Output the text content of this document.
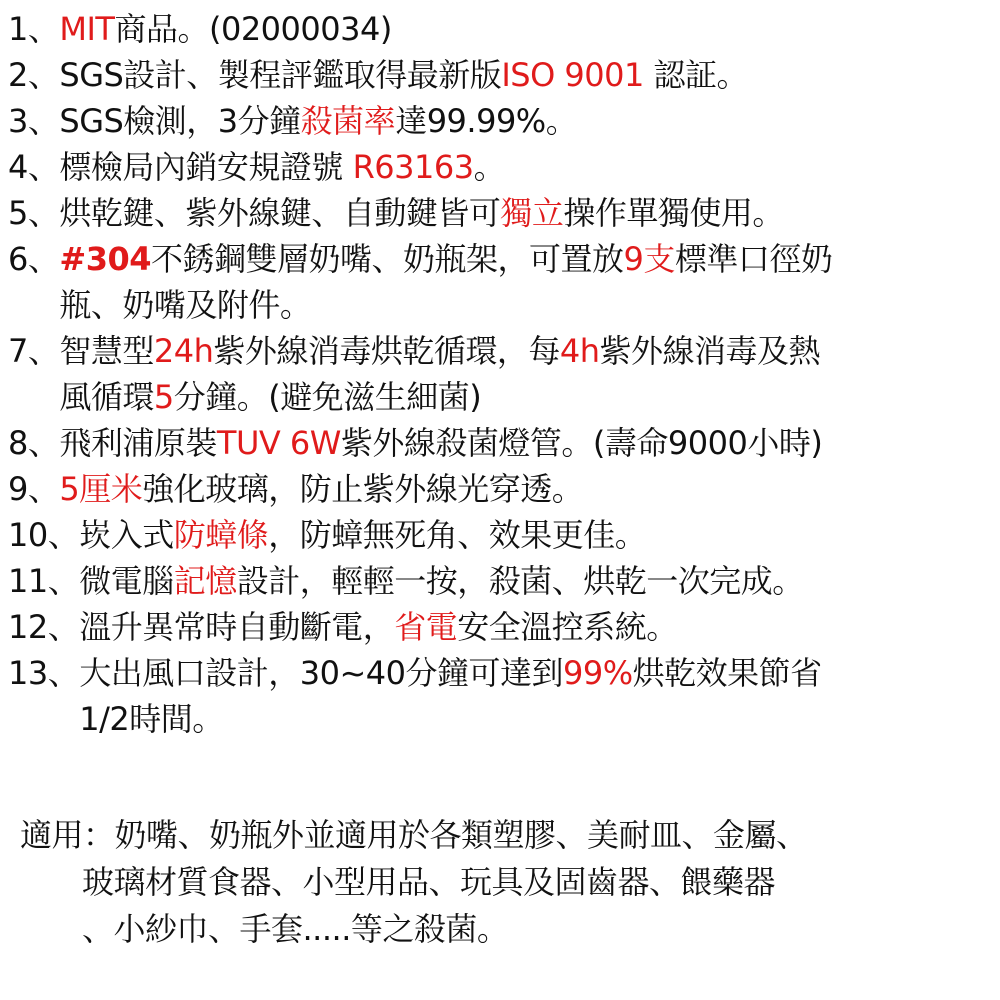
1、 MIT商品。(02000034)
2、 SGS設計、製程評鑑取得最新版ISO 9001 認証。
3、 SGS檢測，3分鐘殺菌率達99.99%。
4、 標檢局內銷安規證號 R63163。
5、 烘乾鍵、紫外線鍵、自動鍵皆可獨立操作單獨使用。
6、 #304不銹鋼雙層奶嘴、奶瓶架，可置放9支標準口徑奶
瓶、奶嘴及附件。
7、 智慧型24h紫外線消毒烘乾循環，每4h紫外線消毒及熱
風循環5分鐘。(避免滋生細菌)
8、 飛利浦原裝TUV 6W紫外線殺菌燈管。(壽命9000小時)
9、 5厘米強化玻璃，防止紫外線光穿透。
10、 崁入式防蟑條，防蟑無死角、效果更佳。
11、 微電腦記憶設計，輕輕一按，殺菌、烘乾一次完成。
12、 溫升異常時自動斷電，省電安全溫控系統。
13、 大出風口設計，30~40分鐘可達到99%烘乾效果節省
1/2時間。
適用：奶嘴、奶瓶外並適用於各類塑膠、美耐皿、金屬、
玻璃材質食器、小型用品、玩具及固齒器、餵藥器
、小紗巾、手套.....等之殺菌。
